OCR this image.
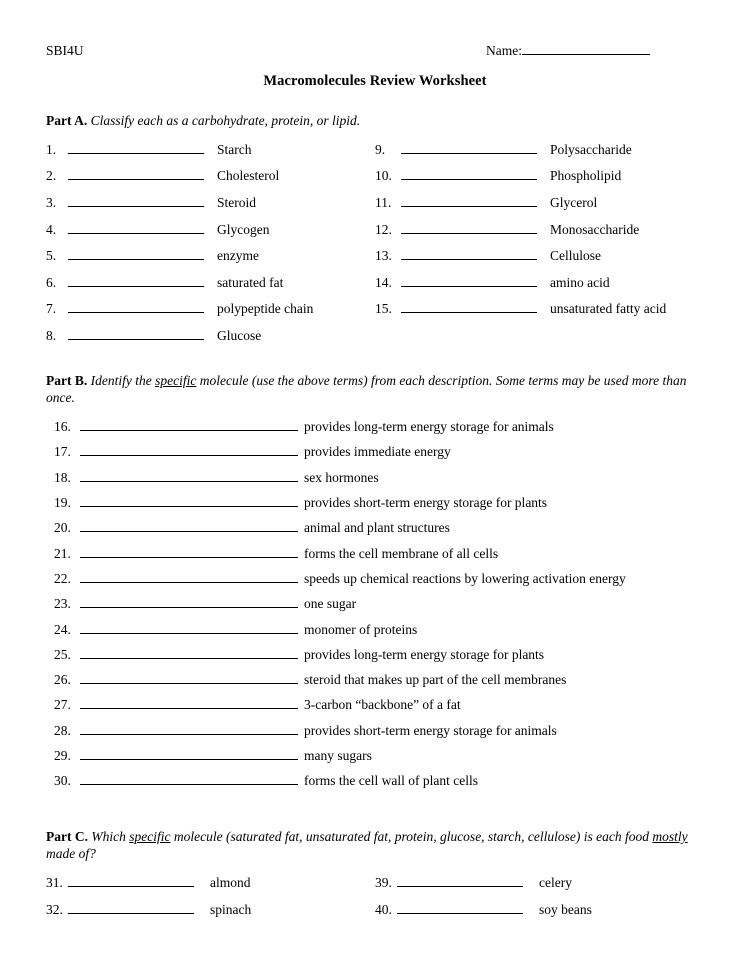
SBI4U	Name:
Macromolecules Review Worksheet
Part A. Classify each as a carbohydrate, protein, or lipid.
1.	Starch
2.	Cholesterol
3.	Steroid
4.	Glycogen
5.	enzyme
6.	saturated fat
7.	polypeptide chain
8.	Glucose
9.	Polysaccharide
10.	Phospholipid
11.	Glycerol
12.	Monosaccharide
13.	Cellulose
14.	amino acid
15.	unsaturated fatty acid
Part B. Identify the specific molecule (use the above terms) from each description. Some terms may be used more than once.
16.	provides long-term energy storage for animals
17.	provides immediate energy
18.	sex hormones
19.	provides short-term energy storage for plants
20.	animal and plant structures
21.	forms the cell membrane of all cells
22.	speeds up chemical reactions by lowering activation energy
23.	one sugar
24.	monomer of proteins
25.	provides long-term energy storage for plants
26.	steroid that makes up part of the cell membranes
27.	3-carbon “backbone” of a fat
28.	provides short-term energy storage for animals
29.	many sugars
30.	forms the cell wall of plant cells
Part C. Which specific molecule (saturated fat, unsaturated fat, protein, glucose, starch, cellulose) is each food mostly made of?
31.	almond
32.	spinach
39.	celery
40.	soy beans
